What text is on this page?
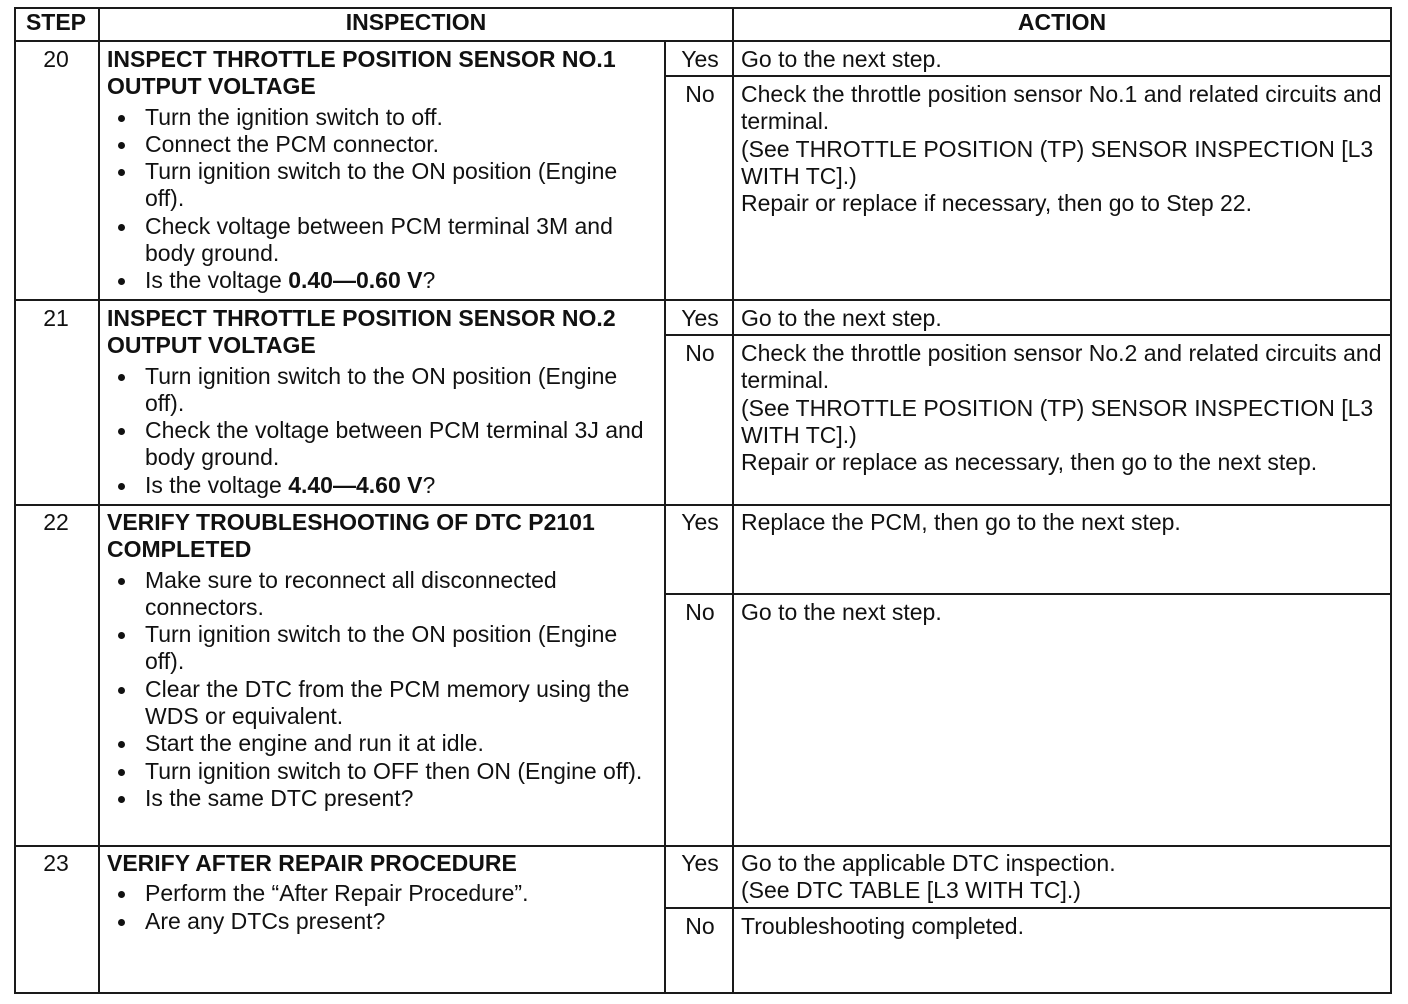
STEP	INSPECTION	ACTION
20	INSPECT THROTTLE POSITION SENSOR NO.1 OUTPUT VOLTAGE
Turn the ignition switch to off.
Connect the PCM connector.
Turn ignition switch to the ON position (Engine off).
Check voltage between PCM terminal 3M and body ground.
Is the voltage 0.40—0.60 V?
Yes Go to the next step.
No	Check the throttle position sensor No.1 and related circuits and terminal.
(See THROTTLE POSITION (TP) SENSOR INSPECTION [L3 WITH TC].)
Repair or replace if necessary, then go to Step 22.
21	INSPECT THROTTLE POSITION SENSOR NO.2 OUTPUT VOLTAGE
Turn ignition switch to the ON position (Engine off).
Check the voltage between PCM terminal 3J and body ground.
Is the voltage 4.40—4.60 V?
Yes Go to the next step.
No	Check the throttle position sensor No.2 and related circuits and terminal.
(See THROTTLE POSITION (TP) SENSOR INSPECTION [L3 WITH TC].)
Repair or replace as necessary, then go to the next step.
22	VERIFY TROUBLESHOOTING OF DTC P2101 COMPLETED
Make sure to reconnect all disconnected connectors.
Turn ignition switch to the ON position (Engine off).
Clear the DTC from the PCM memory using the WDS or equivalent.
Start the engine and run it at idle.
Turn ignition switch to OFF then ON (Engine off).
Is the same DTC present?
Yes Replace the PCM, then go to the next step.
No	Go to the next step.
23	VERIFY AFTER REPAIR PROCEDURE
Perform the “After Repair Procedure”.
Are any DTCs present?
Yes Go to the applicable DTC inspection.
(See DTC TABLE [L3 WITH TC].)
No	Troubleshooting completed.
